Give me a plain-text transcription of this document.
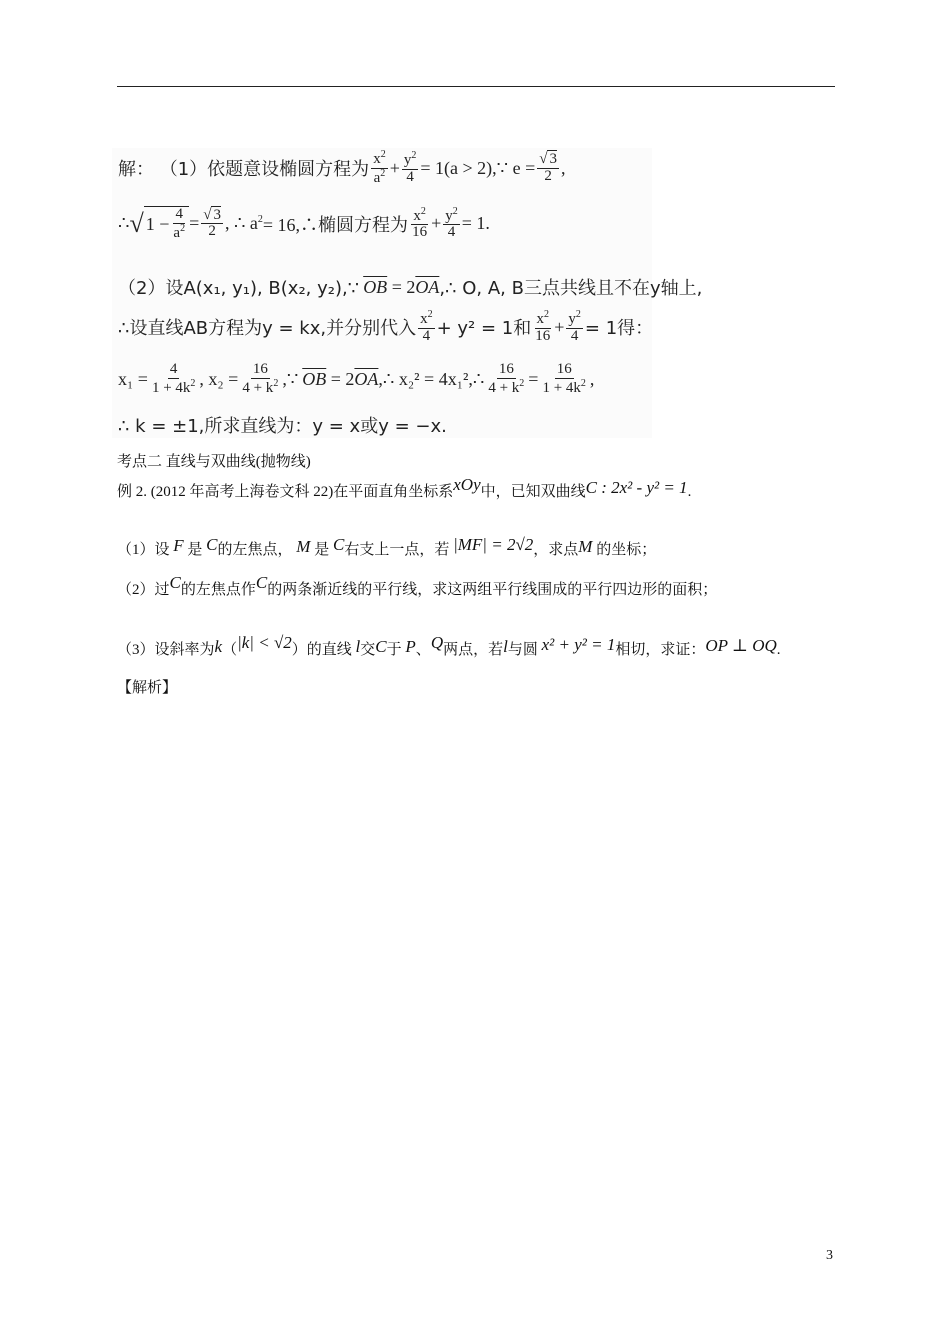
解： （1）依题意设椭圆方程为
$x^2$
$a^2 + \frac{y^2}{4} = 1(a$ > 2),∵ $e = \frac{√ 3}{2}$ ,
∴ √ 1 − 4
$a^2 = \frac{√ 3}{2}$ , ∴ $a^2$ = 16,∴椭圆方程为 $x^2$
$16 + \frac{y^2}{4} = 1$.
（2）设A(x₁, y₁), B(x₂, y₂),∵ $\overline{OB} = 2$ $\overline{OA}$ ,∴ O, A, B三点共线且不在y轴上,
∴设直线AB方程为y = kx,并分别代入 $x^2$
4 + y² = 1和 $x^2$
$16 + \frac{y^2}{4} = 1$得：
$x_1 = \frac{4}{1 + 4k^2}$ , $x_2 = \frac{16}{4 + k^2}$ ,∵ $\overline{OB} = 2$ $\overline{OA}$ ,∴ x₂² = 4x₁²,∴ $\frac{16}{4 + k^2} = \frac{16}{1 + 4k^2}$ ,
∴ k = ±1,所求直线为：y = x或y = −x.
考点二 直线与双曲线(抛物线)
例 2. (2012 年高考上海卷文科 22)在平面直角坐标系xOy中，已知双曲线C : 2x² - y² = 1.
（1）设 F 是 C的左焦点， M 是 C右支上一点，若 |MF| = 2√2，求点M 的坐标；
（2）过C的左焦点作C的两条渐近线的平行线，求这两组平行线围成的平行四边形的面积；
（3）设斜率为k（|k| < √2）的直线 l交C于 P、Q两点，若l与圆 x² + y² = 1相切，求证：OP ⊥ OQ.
【解析】
3
